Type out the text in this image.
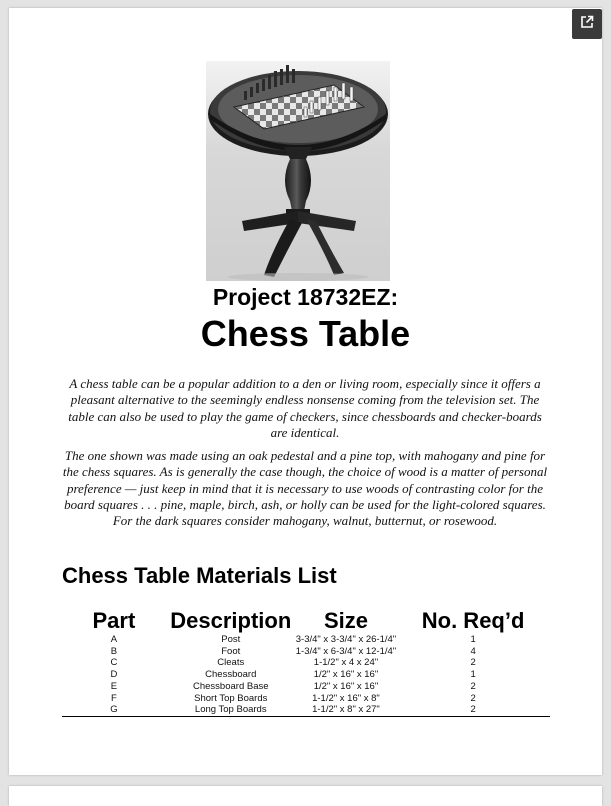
Project 18732EZ:
Chess Table

A chess table can be a popular addition to a den or living room, especially since it offers a pleasant alternative to the seemingly endless nonsense coming from the television set. The table can also be used to play the game of checkers, since chessboards and checker-boards are identical.

The one shown was made using an oak pedestal and a pine top, with mahogany and pine for the chess squares. As is generally the case though, the choice of wood is a matter of personal preference — just keep in mind that it is necessary to use woods of contrasting color for the board squares . . . pine, maple, birch, ash, or holly can be used for the light-colored squares. For the dark squares consider mahogany, walnut, butternut, or rosewood.

Chess Table Materials List
Part	Description	Size	No. Req’d
A	Post	3-3/4" x 3-3/4" x 26-1/4"	1
B	Foot	1-3/4" x 6-3/4" x 12-1/4"	4
C	Cleats	1-1/2" x 4 x 24"	2
D	Chessboard	1/2" x 16" x 16"	1
E	Chessboard Base	1/2" x 16" x 16"	2
F	Short Top Boards	1-1/2" x 16" x 8"	2
G	Long Top Boards	1-1/2" x 8" x 27"	2
